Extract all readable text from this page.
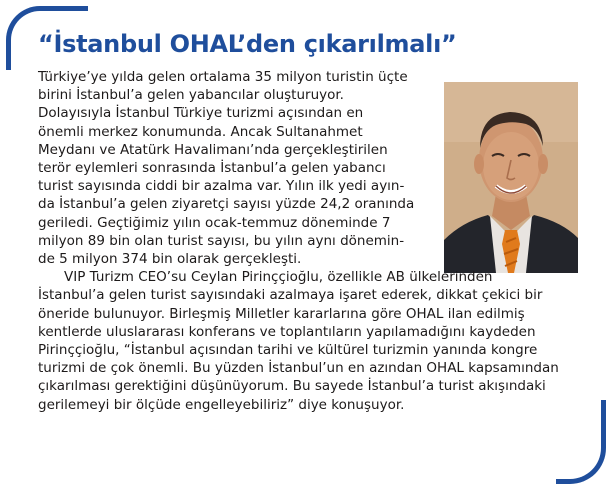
“İstanbul OHAL’den çıkarılmalı”
Türkiye’ye yılda gelen ortalama 35 milyon turistin üçte
birini İstanbul’a gelen yabancılar oluşturuyor.
Dolayısıyla İstanbul Türkiye turizmi açısından en
önemli merkez konumunda. Ancak Sultanahmet
Meydanı ve Atatürk Havalimanı’nda gerçekleştirilen
terör eylemleri sonrasında İstanbul’a gelen yabancı
turist sayısında ciddi bir azalma var. Yılın ilk yedi ayın-
da İstanbul’a gelen ziyaretçi sayısı yüzde 24,2 oranında
geriledi. Geçtiğimiz yılın ocak-temmuz döneminde 7
milyon 89 bin olan turist sayısı, bu yılın aynı dönemin-
de 5 milyon 374 bin olarak gerçekleşti.
VIP Turizm CEO’su Ceylan Pirinççioğlu, özellikle AB ülkelerinden
İstanbul’a gelen turist sayısındaki azalmaya işaret ederek, dikkat çekici bir
öneride bulunuyor. Birleşmiş Milletler kararlarına göre OHAL ilan edilmiş
kentlerde uluslararası konferans ve toplantıların yapılamadığını kaydeden
Pirinççioğlu, “İstanbul açısından tarihi ve kültürel turizmin yanında kongre
turizmi de çok önemli. Bu yüzden İstanbul’un en azından OHAL kapsamından
çıkarılması gerektiğini düşünüyorum. Bu sayede İstanbul’a turist akışındaki
gerilemeyi bir ölçüde engelleyebiliriz” diye konuşuyor.
